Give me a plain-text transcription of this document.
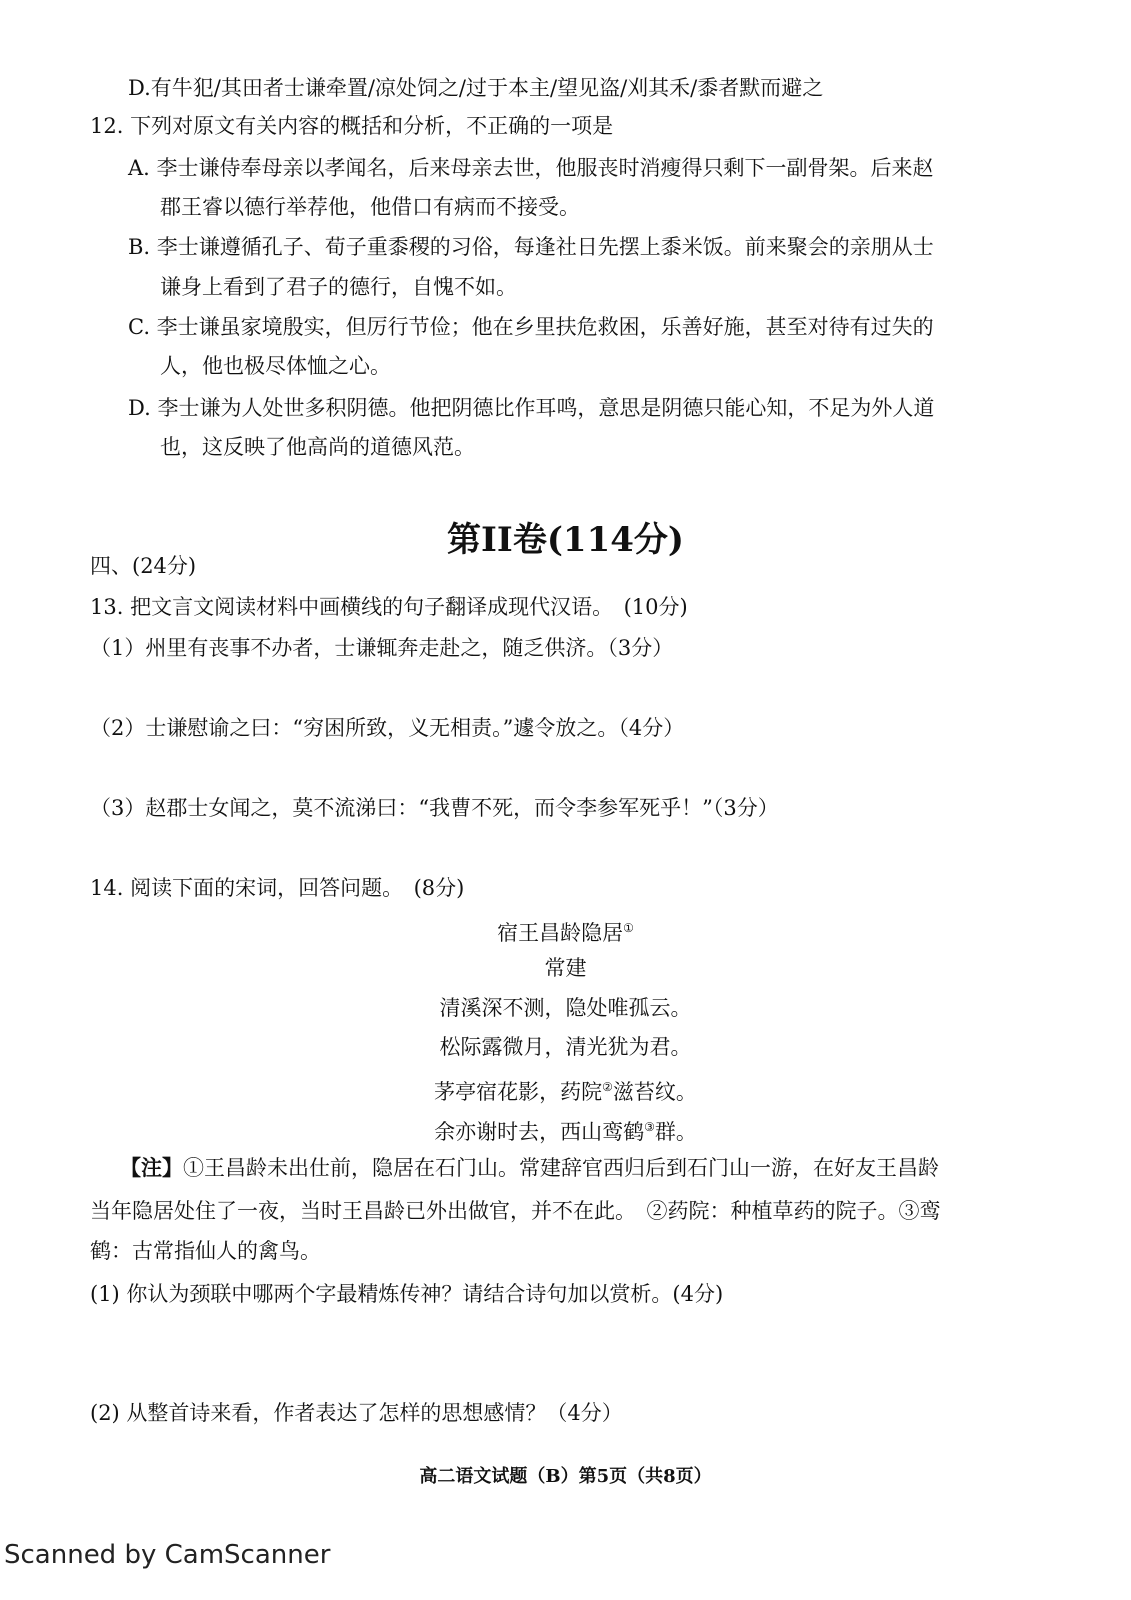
D.有牛犯/其田者士谦牵置/凉处饲之/过于本主/望见盗/刈其禾/黍者默而避之
12. 下列对原文有关内容的概括和分析，不正确的一项是
A. 李士谦侍奉母亲以孝闻名，后来母亲去世，他服丧时消瘦得只剩下一副骨架。后来赵
郡王睿以德行举荐他，他借口有病而不接受。
B. 李士谦遵循孔子、荀子重黍稷的习俗，每逢社日先摆上黍米饭。前来聚会的亲朋从士
谦身上看到了君子的德行，自愧不如。
C. 李士谦虽家境殷实，但厉行节俭；他在乡里扶危救困，乐善好施，甚至对待有过失的
人，他也极尽体恤之心。
D. 李士谦为人处世多积阴德。他把阴德比作耳鸣，意思是阴德只能心知，不足为外人道
也，这反映了他高尚的道德风范。
第II卷(114分)
四、(24分)
13. 把文言文阅读材料中画横线的句子翻译成现代汉语。　(10分)
（1）州里有丧事不办者，士谦辄奔走赴之，随乏供济。（3分）
（2）士谦慰谕之曰：“穷困所致，义无相责。”遽令放之。（4分）
（3）赵郡士女闻之，莫不流涕曰：“我曹不死，而令李参军死乎！”（3分）
14. 阅读下面的宋词，回答问题。　(8分)
宿王昌龄隐居①
常建
清溪深不测，隐处唯孤云。
松际露微月，清光犹为君。
茅亭宿花影，药院②滋苔纹。
余亦谢时去，西山鸾鹤③群。
【注】①王昌龄未出仕前，隐居在石门山。常建辞官西归后到石门山一游，在好友王昌龄
当年隐居处住了一夜，当时王昌龄已外出做官，并不在此。　②药院：种植草药的院子。③鸾
鹤：古常指仙人的禽鸟。
(1) 你认为颈联中哪两个字最精炼传神？请结合诗句加以赏析。(4分)
(2) 从整首诗来看，作者表达了怎样的思想感情？（4分）
高二语文试题（B）第5页（共8页）
Scanned by CamScanner
